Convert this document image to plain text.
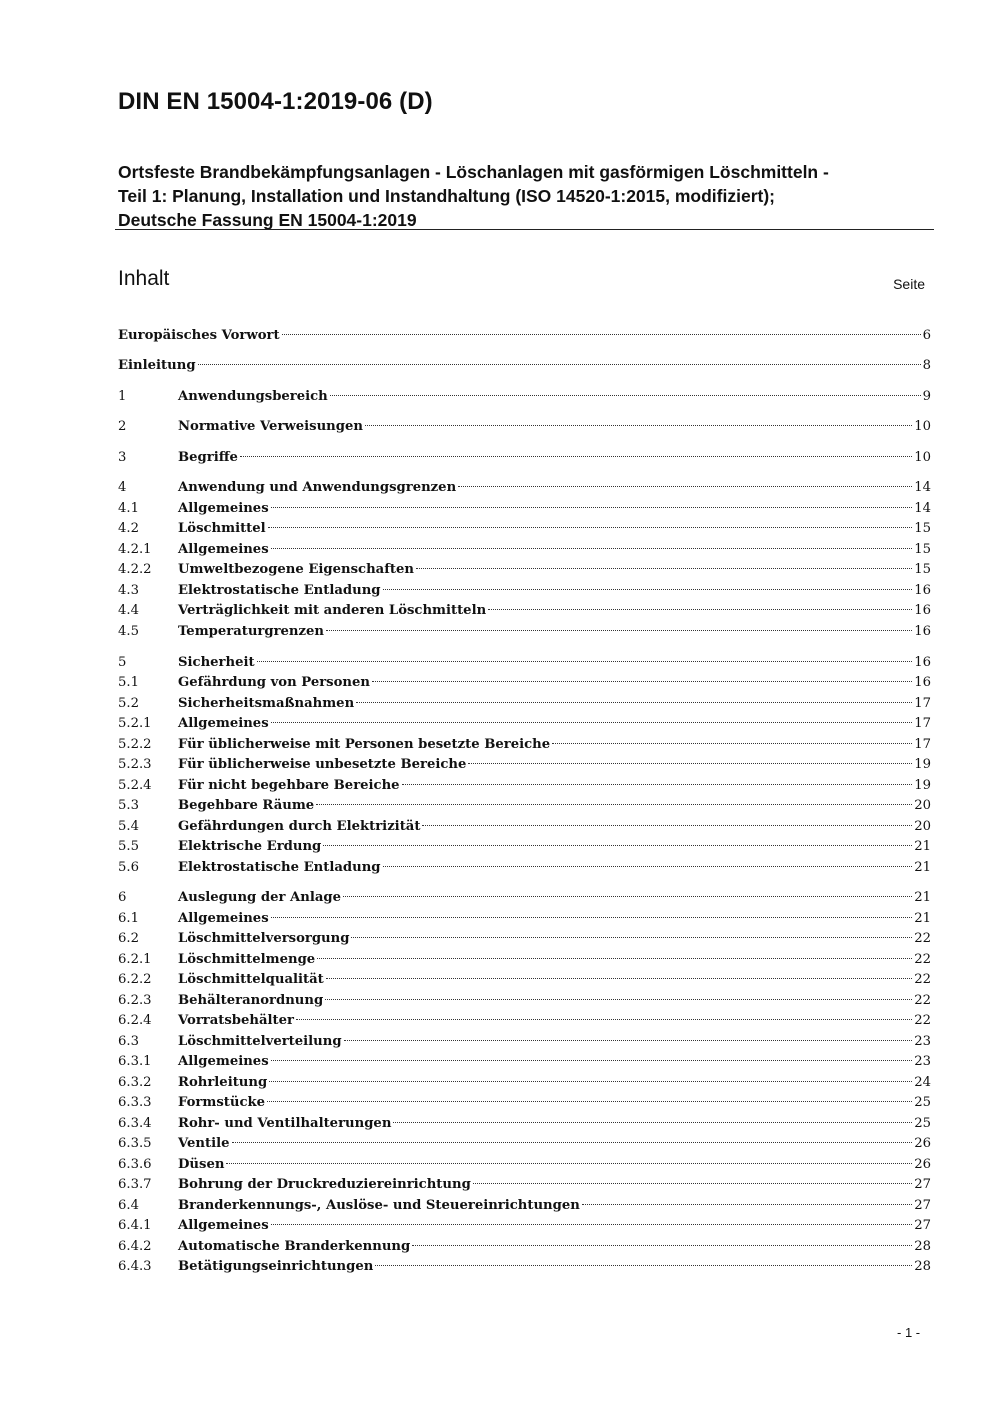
DIN EN 15004-1:2019-06 (D)
Ortsfeste Brandbekämpfungsanlagen - Löschanlagen mit gasförmigen Löschmitteln -
Teil 1: Planung, Installation und Instandhaltung (ISO 14520-1:2015, modifiziert);
Deutsche Fassung EN 15004-1:2019
Inhalt	Seite
Europäisches Vorwort	6
Einleitung	8
1	Anwendungsbereich	9
2	Normative Verweisungen	10
3	Begriffe	10
4	Anwendung und Anwendungsgrenzen	14
4.1	Allgemeines	14
4.2	Löschmittel	15
4.2.1	Allgemeines	15
4.2.2	Umweltbezogene Eigenschaften	15
4.3	Elektrostatische Entladung	16
4.4	Verträglichkeit mit anderen Löschmitteln	16
4.5	Temperaturgrenzen	16
5	Sicherheit	16
5.1	Gefährdung von Personen	16
5.2	Sicherheitsmaßnahmen	17
5.2.1	Allgemeines	17
5.2.2	Für üblicherweise mit Personen besetzte Bereiche	17
5.2.3	Für üblicherweise unbesetzte Bereiche	19
5.2.4	Für nicht begehbare Bereiche	19
5.3	Begehbare Räume	20
5.4	Gefährdungen durch Elektrizität	20
5.5	Elektrische Erdung	21
5.6	Elektrostatische Entladung	21
6	Auslegung der Anlage	21
6.1	Allgemeines	21
6.2	Löschmittelversorgung	22
6.2.1	Löschmittelmenge	22
6.2.2	Löschmittelqualität	22
6.2.3	Behälteranordnung	22
6.2.4	Vorratsbehälter	22
6.3	Löschmittelverteilung	23
6.3.1	Allgemeines	23
6.3.2	Rohrleitung	24
6.3.3	Formstücke	25
6.3.4	Rohr- und Ventilhalterungen	25
6.3.5	Ventile	26
6.3.6	Düsen	26
6.3.7	Bohrung der Druckreduziereinrichtung	27
6.4	Branderkennungs-, Auslöse- und Steuereinrichtungen	27
6.4.1	Allgemeines	27
6.4.2	Automatische Branderkennung	28
6.4.3	Betätigungseinrichtungen	28
- 1 -
